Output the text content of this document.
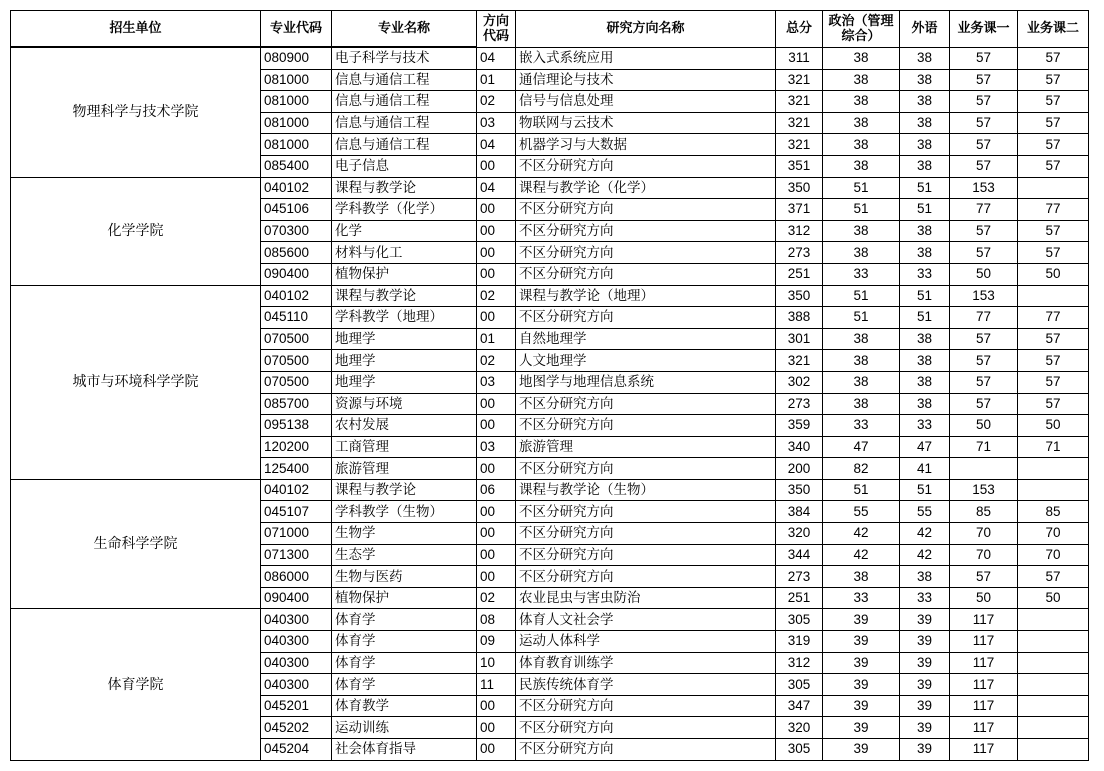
招生单位	专业代码	专业名称	方向代码	研究方向名称	总分	政治（管理综合）	外语	业务课一	业务课二
物理科学与技术学院	080900	电子科学与技术	04	嵌入式系统应用	311	38	38	57	57
	081000	信息与通信工程	01	通信理论与技术	321	38	38	57	57
	081000	信息与通信工程	02	信号与信息处理	321	38	38	57	57
	081000	信息与通信工程	03	物联网与云技术	321	38	38	57	57
	081000	信息与通信工程	04	机器学习与大数据	321	38	38	57	57
	085400	电子信息	00	不区分研究方向	351	38	38	57	57
化学学院	040102	课程与教学论	04	课程与教学论（化学）	350	51	51	153	
	045106	学科教学（化学）	00	不区分研究方向	371	51	51	77	77
	070300	化学	00	不区分研究方向	312	38	38	57	57
	085600	材料与化工	00	不区分研究方向	273	38	38	57	57
	090400	植物保护	00	不区分研究方向	251	33	33	50	50
城市与环境科学学院	040102	课程与教学论	02	课程与教学论（地理）	350	51	51	153	
	045110	学科教学（地理）	00	不区分研究方向	388	51	51	77	77
	070500	地理学	01	自然地理学	301	38	38	57	57
	070500	地理学	02	人文地理学	321	38	38	57	57
	070500	地理学	03	地图学与地理信息系统	302	38	38	57	57
	085700	资源与环境	00	不区分研究方向	273	38	38	57	57
	095138	农村发展	00	不区分研究方向	359	33	33	50	50
	120200	工商管理	03	旅游管理	340	47	47	71	71
	125400	旅游管理	00	不区分研究方向	200	82	41		
生命科学学院	040102	课程与教学论	06	课程与教学论（生物）	350	51	51	153	
	045107	学科教学（生物）	00	不区分研究方向	384	55	55	85	85
	071000	生物学	00	不区分研究方向	320	42	42	70	70
	071300	生态学	00	不区分研究方向	344	42	42	70	70
	086000	生物与医药	00	不区分研究方向	273	38	38	57	57
	090400	植物保护	02	农业昆虫与害虫防治	251	33	33	50	50
体育学院	040300	体育学	08	体育人文社会学	305	39	39	117	
	040300	体育学	09	运动人体科学	319	39	39	117	
	040300	体育学	10	体育教育训练学	312	39	39	117	
	040300	体育学	11	民族传统体育学	305	39	39	117	
	045201	体育教学	00	不区分研究方向	347	39	39	117	
	045202	运动训练	00	不区分研究方向	320	39	39	117	
	045204	社会体育指导	00	不区分研究方向	305	39	39	117	
